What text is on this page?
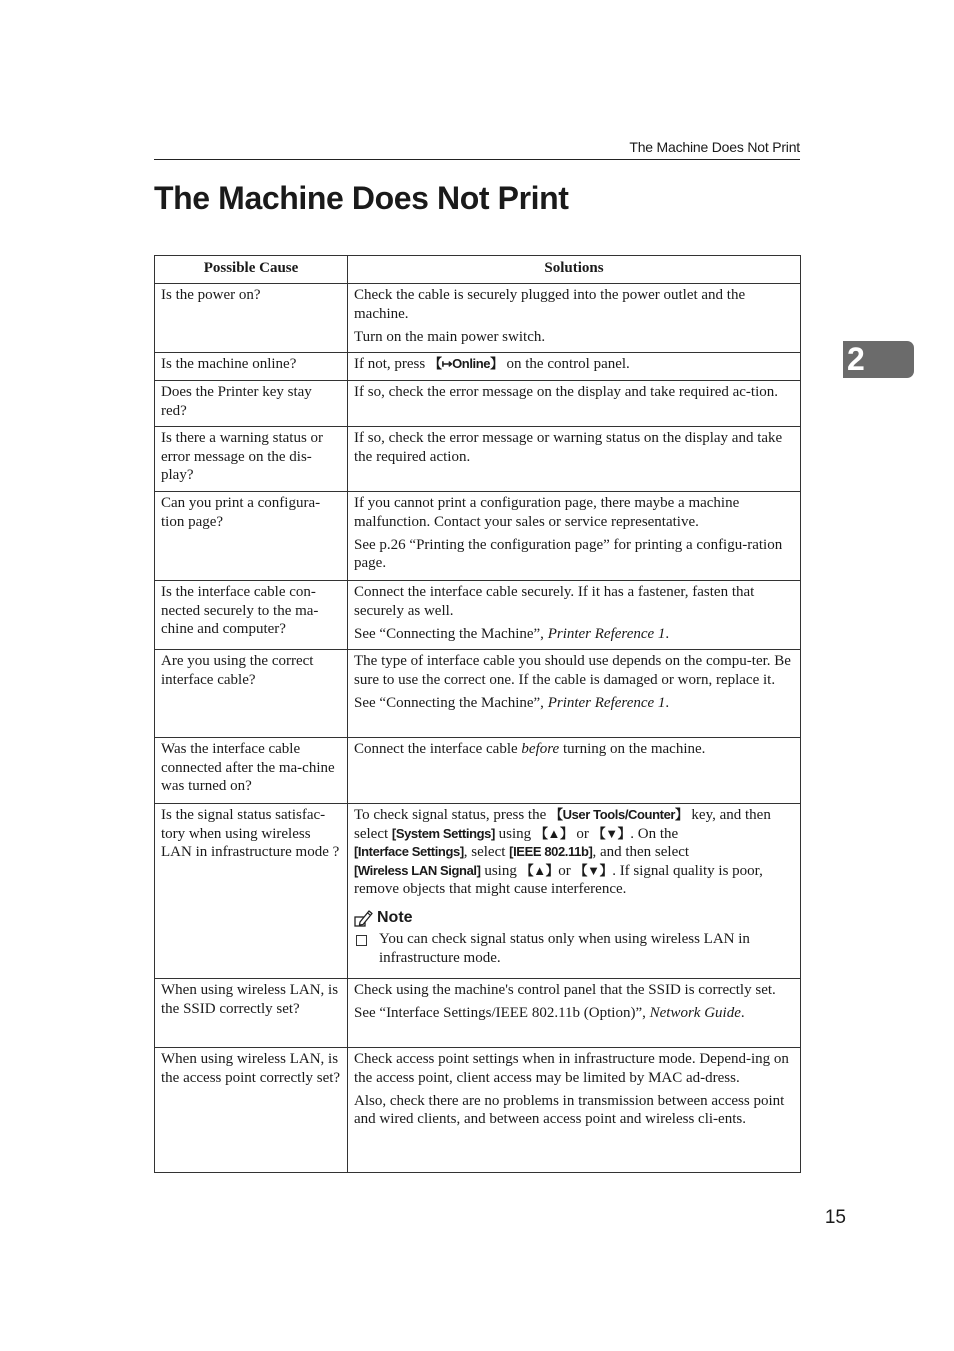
The Machine Does Not Print
The Machine Does Not Print
2
Possible Cause	Solutions
Is the power on?	Check the cable is securely plugged into the power outlet and the machine.

Turn on the main power switch.

Is the machine online?	If not, press 【↦Online】 on the control panel.
Does the Printer key stay red?	If so, check the error message on the display and take required ac-tion.
Is there a warning status or error message on the dis-play?	If so, check the error message or warning status on the display and take the required action.
Can you print a configura-tion page?	If you cannot print a configuration page, there maybe a machine malfunction. Contact your sales or service representative.

See p.26 “Printing the configuration page” for printing a configu-ration page.

Is the interface cable con-nected securely to the ma-chine and computer?	Connect the interface cable securely. If it has a fastener, fasten that securely as well.

See “Connecting the Machine”, Printer Reference 1.

Are you using the correct interface cable?	The type of interface cable you should use depends on the compu-ter. Be sure to use the correct one. If the cable is damaged or worn, replace it.

See “Connecting the Machine”, Printer Reference 1.

Was the interface cable connected after the ma-chine was turned on?	Connect the interface cable before turning on the machine.
Is the signal status satisfac-tory when using wireless LAN in infrastructure mode ?	To check signal status, press the 【User Tools/Counter】 key, and then select [System Settings] using 【▲】 or 【▼】. On the [Interface Settings], select [IEEE 802.11b], and then select [Wireless LAN Signal] using 【▲】or 【▼】. If signal quality is poor, remove objects that might cause interference.

Note
You can check signal status only when using wireless LAN in infrastructure mode.

When using wireless LAN, is the SSID correctly set?	Check using the machine's control panel that the SSID is correctly set.

See “Interface Settings/IEEE 802.11b (Option)”, Network Guide.

When using wireless LAN, is the access point correctly set?	Check access point settings when in infrastructure mode. Depend-ing on the access point, client access may be limited by MAC ad-dress.

Also, check there are no problems in transmission between access point and wired clients, and between access point and wireless cli-ents.

15
